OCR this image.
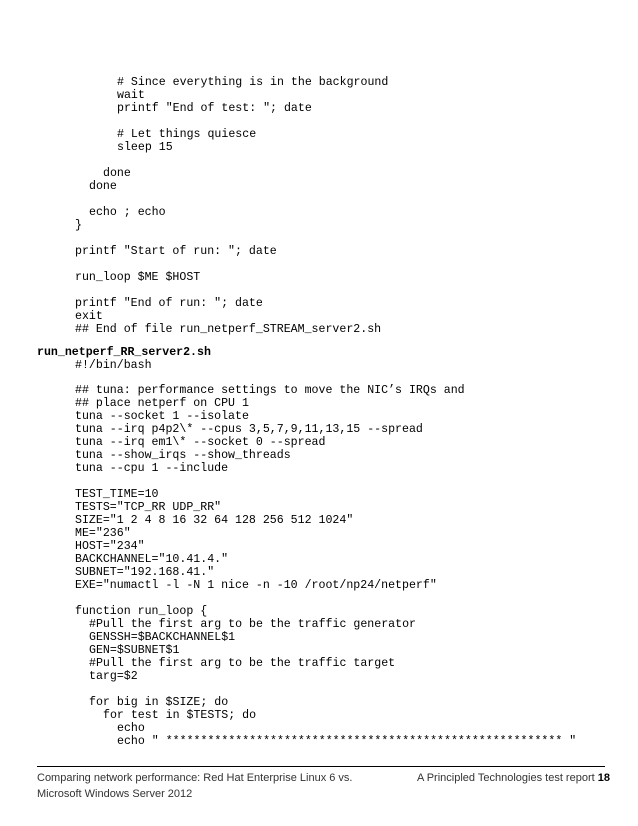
# Since everything is in the background
wait
printf "End of test: "; date
# Let things quiesce
sleep 15
done
done
echo ; echo
}
printf "Start of run: "; date
run_loop $ME $HOST
printf "End of run: "; date
exit
## End of file run_netperf_STREAM_server2.sh
#!/bin/bash
## tuna: performance settings to move the NIC’s IRQs and
## place netperf on CPU 1
tuna --socket 1 --isolate
tuna --irq p4p2\* --cpus 3,5,7,9,11,13,15 --spread
tuna --irq em1\* --socket 0 --spread
tuna --show_irqs --show_threads
tuna --cpu 1 --include
TEST_TIME=10
TESTS="TCP_RR UDP_RR"
SIZE="1 2 4 8 16 32 64 128 256 512 1024"
ME="236"
HOST="234"
BACKCHANNEL="10.41.4."
SUBNET="192.168.41."
EXE="numactl -l -N 1 nice -n -10 /root/np24/netperf"
function run_loop {
#Pull the first arg to be the traffic generator
GENSSH=$BACKCHANNEL$1
GEN=$SUBNET$1
#Pull the first arg to be the traffic target
targ=$2
for big in $SIZE; do
for test in $TESTS; do
echo
echo " ********************************************************* "
run_netperf_RR_server2.sh
Comparing network performance: Red Hat Enterprise Linux 6 vs. Microsoft Windows Server 2012
A Principled Technologies test report 18
